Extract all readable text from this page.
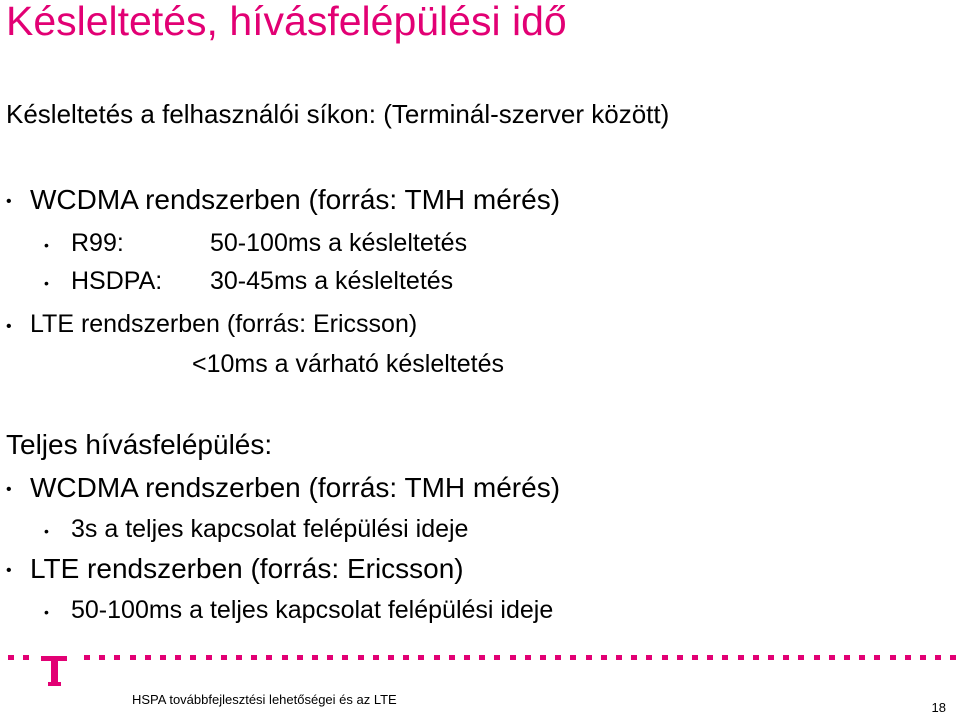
Késleltetés, hívásfelépülési idő
Késleltetés a felhasználói síkon: (Terminál-szerver között)
• WCDMA rendszerben (forrás: TMH mérés)
• R99:	50-100ms a késleltetés
• HSDPA: 30-45ms a késleltetés
• LTE rendszerben (forrás: Ericsson)
<10ms a várható késleltetés
Teljes hívásfelépülés:
• WCDMA rendszerben (forrás: TMH mérés)
• 3s a teljes kapcsolat felépülési ideje
• LTE rendszerben (forrás: Ericsson)
• 50-100ms a teljes kapcsolat felépülési ideje
HSPA továbbfejlesztési lehetőségei és az LTE
18
